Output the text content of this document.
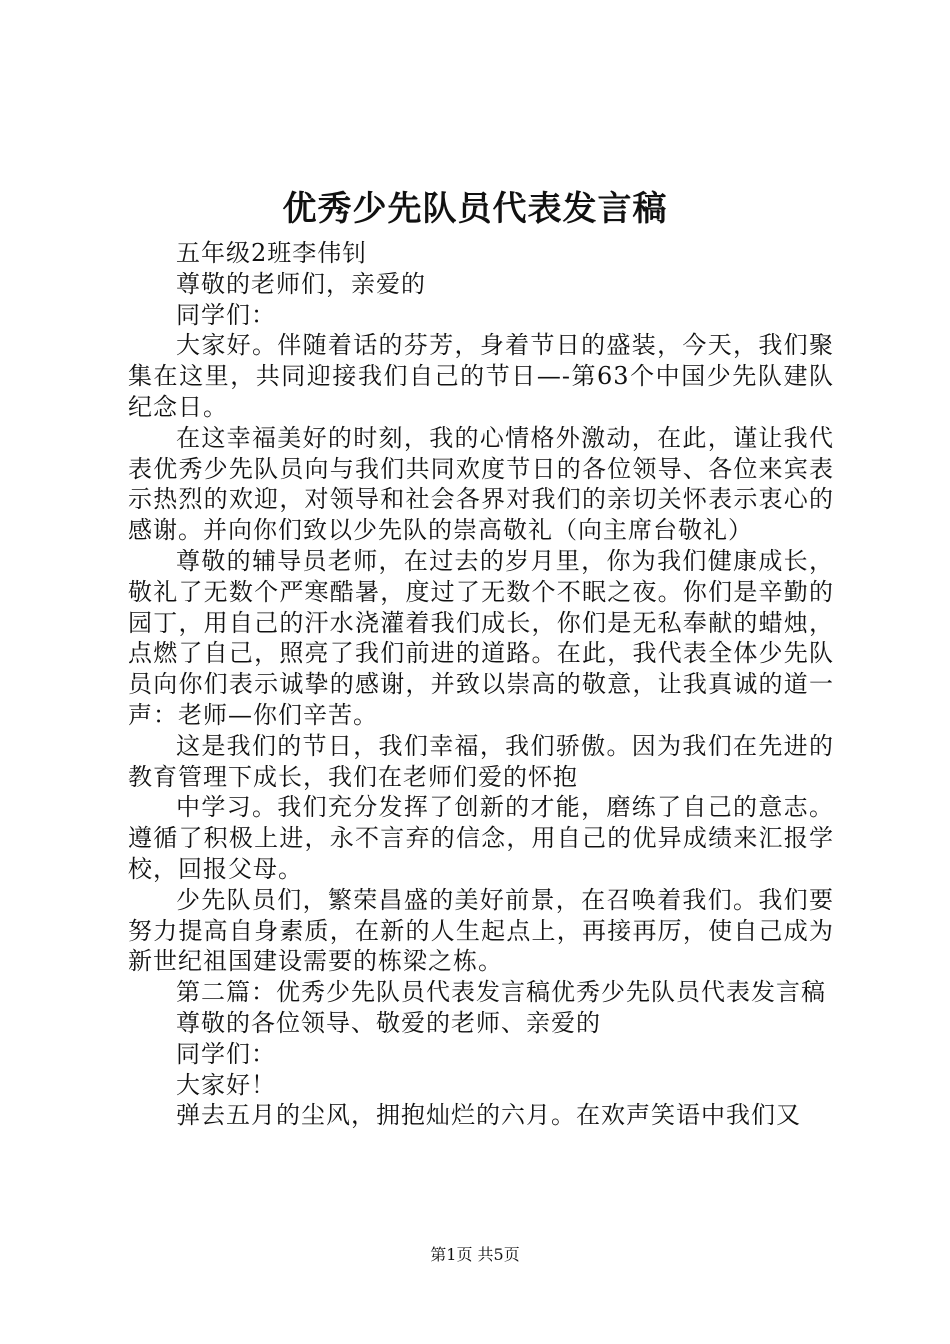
优秀少先队员代表发言稿

五年级2班李伟钊

尊敬的老师们，亲爱的

同学们：

大家好。伴随着话的芬芳，身着节日的盛装，今天，我们聚集在这里，共同迎接我们自己的节日—-第63个中国少先队建队纪念日。

在这幸福美好的时刻，我的心情格外激动，在此，谨让我代表优秀少先队员向与我们共同欢度节日的各位领导、各位来宾表示热烈的欢迎，对领导和社会各界对我们的亲切关怀表示衷心的感谢。并向你们致以少先队的崇高敬礼（向主席台敬礼）

尊敬的辅导员老师，在过去的岁月里，你为我们健康成长，敬礼了无数个严寒酷暑，度过了无数个不眠之夜。你们是辛勤的园丁，用自己的汗水浇灌着我们成长，你们是无私奉献的蜡烛，点燃了自己，照亮了我们前进的道路。在此，我代表全体少先队员向你们表示诚挚的感谢，并致以崇高的敬意，让我真诚的道一声：老师—你们辛苦。

这是我们的节日，我们幸福，我们骄傲。因为我们在先进的教育管理下成长，我们在老师们爱的怀抱

中学习。我们充分发挥了创新的才能，磨练了自己的意志。遵循了积极上进，永不言弃的信念，用自己的优异成绩来汇报学校，回报父母。

少先队员们，繁荣昌盛的美好前景，在召唤着我们。我们要努力提高自身素质，在新的人生起点上，再接再厉，使自己成为新世纪祖国建设需要的栋梁之栋。

第二篇：优秀少先队员代表发言稿优秀少先队员代表发言稿

尊敬的各位领导、敬爱的老师、亲爱的

同学们：

大家好！

弹去五月的尘风，拥抱灿烂的六月。在欢声笑语中我们又

第1页 共5页
